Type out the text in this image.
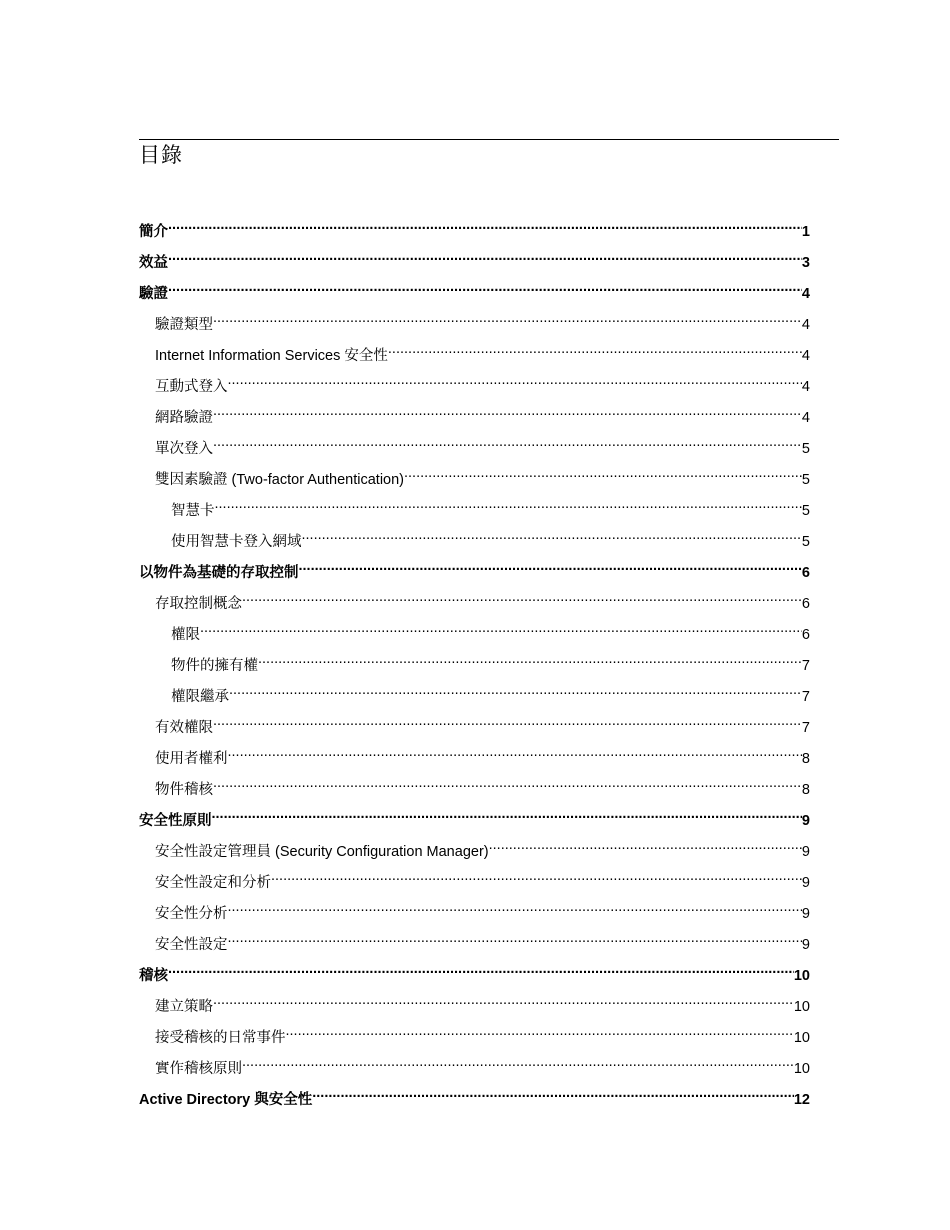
目錄
簡介 .....	1
效益 .....	3
驗證 .....	4
驗證類型 .....	4
Internet Information Services 安全性 .....	4
互動式登入 .....	4
網路驗證 .....	4
單次登入 .....	5
雙因素驗證 (Two-factor Authentication) .....	5
智慧卡 .....	5
使用智慧卡登入網域 .....	5
以物件為基礎的存取控制 .....	6
存取控制概念 .....	6
權限 .....	6
物件的擁有權 .....	7
權限繼承 .....	7
有效權限 .....	7
使用者權利 .....	8
物件稽核 .....	8
安全性原則 .....	9
安全性設定管理員 (Security Configuration Manager) .....	9
安全性設定和分析 .....	9
安全性分析 .....	9
安全性設定 .....	9
稽核 .....	10
建立策略 .....	10
接受稽核的日常事件 .....	10
實作稽核原則 .....	10
Active Directory 與安全性 .....	12
